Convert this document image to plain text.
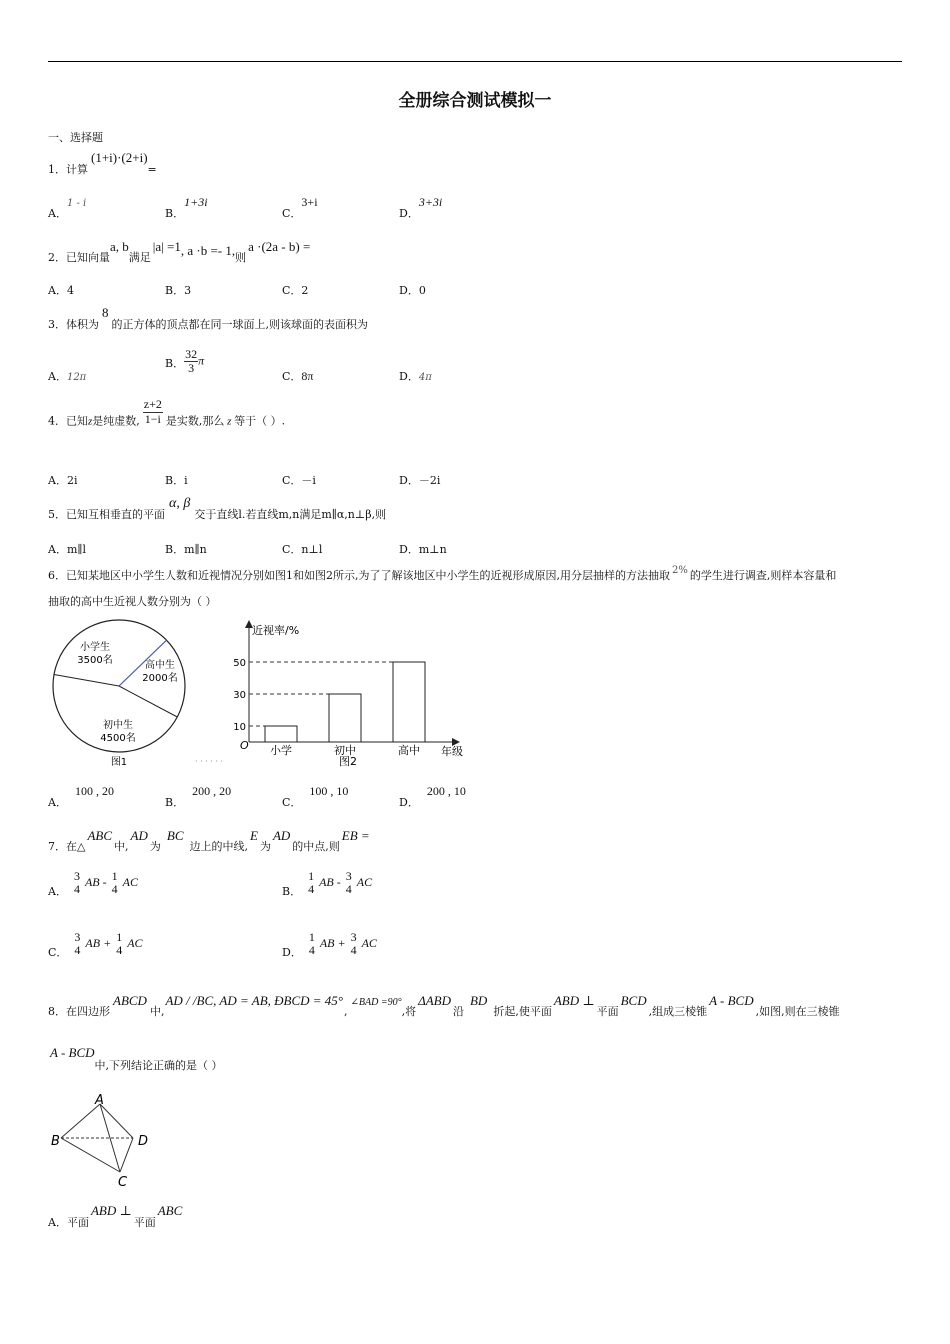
全册综合测试模拟一
一、选择题
1．计算(1+i)·(2+i)=
A．1 - i
B．1+3i
C．3+i
D．3+3i
2．已知向量a, b满足|a| =1, a ·b =- 1,则a ·(2a - b) =
A．4	B．3	C．2	D．0
3．体积为8的正方体的顶点都在同一球面上,则该球面的表面积为
A．12π
B． $\frac{32}{3}$ π
C．8π	D．4π
4．已知z是纯虚数, $\frac{z+2}{1-i}$ 是实数,那么 z 等于（ ）.
A．2i	B．i	C．－i	D．－2i
5．已知互相垂直的平面α, β交于直线l.若直线m,n满足m∥α,n⊥β,则
A．m∥l	B．m∥n	C．n⊥l	D．m⊥n
6．已知某地区中小学生人数和近视情况分别如图1和如图2所示,为了了解该地区中小学生的近视形成原因,用分层抽样的方法抽取 2% 的学生进行调查,则样本容量和
抽取的高中生近视人数分别为（ ）
小学生
3500名	高中生
2000名
初中生
4500名
图1	· · · · · ·
近视率/%
年级
O
10
30
50
小学	初中	高中
图2
A．100 , 20
B．200 , 20
C．100 , 10
D．200 , 10
7．在△ABC中,AD为BC边上的中线,E为AD的中点,则EB =
A．
3
4 AB - 1
4 AC
B．
1
4 AB - 3
4 AC
C．
3
4 AB + 1
4 AC
D．
1
4 AB + 3
4 AC
8．在四边形ABCD中,AD / /BC, AD = AB, ÐBCD = 45°,∠BAD =90°,将ΔABD沿BD折起,使平面ABD ⊥平面BCD,组成三棱锥A - BCD,如图,则在三棱锥
A - BCD中,下列结论正确的是（ ）
A
B
C
D
A．平面ABD ⊥平面ABC
